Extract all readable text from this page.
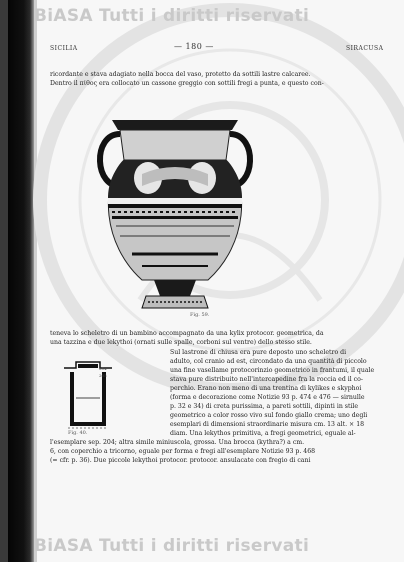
BiASA Tutti i diritti riservati
BiASA Tutti i diritti riservati
SICILIA	— 180 —	SIRACUSA
ricordante e stava adagiato nella bocca del vaso, protetto da sottili lastre calcaree.
Dentro il πίθος era collocato un cassone greggio con sottili fregi a punta, e questo con-
Fig. 59.
teneva lo scheletro di un bambino accompagnato da una kylix protocor. geometrica, da
una tazzina e due lekythoi (ornati sulle spalle, corboni sul ventre) dello stesso stile.
Sul lastrone di chiusa era pure deposto uno scheletro di
adulto, col cranio ad est, circondato da una quantità di piccolo
una fine vasellame protocorinzio geometrico in frantumi, il quale
stava pure distribuito nell'intercapedine fra la roccia ed il co-
perchio. Erano non meno di una trentina di kylikes e skyphoi
(forma e decorazione come Notizie 93 p. 474 e 476 — sirnulle
p. 32 e 34) di creta purissima, a pareti sottili, dipinti in stile
geometrico a color rosso vivo sul fondo giallo crema; uno degli
esemplari di dimensioni straordinarie misura cm. 13 alt. × 18
diam. Una lekythos primitiva, a fregi geometrici, eguale al-
l'esemplare sep. 204; altra simile miniuscola, grossa. Una brocca (kythra?) a cm.
6, con coperchio a tricorno, eguale per forma e fregi all'esemplare Notizie 93 p. 468
(= cfr. p. 36). Due piccole lekythoi protocor. protocor. ansulacate con fregio di cani
204
205
Fig. 40.
